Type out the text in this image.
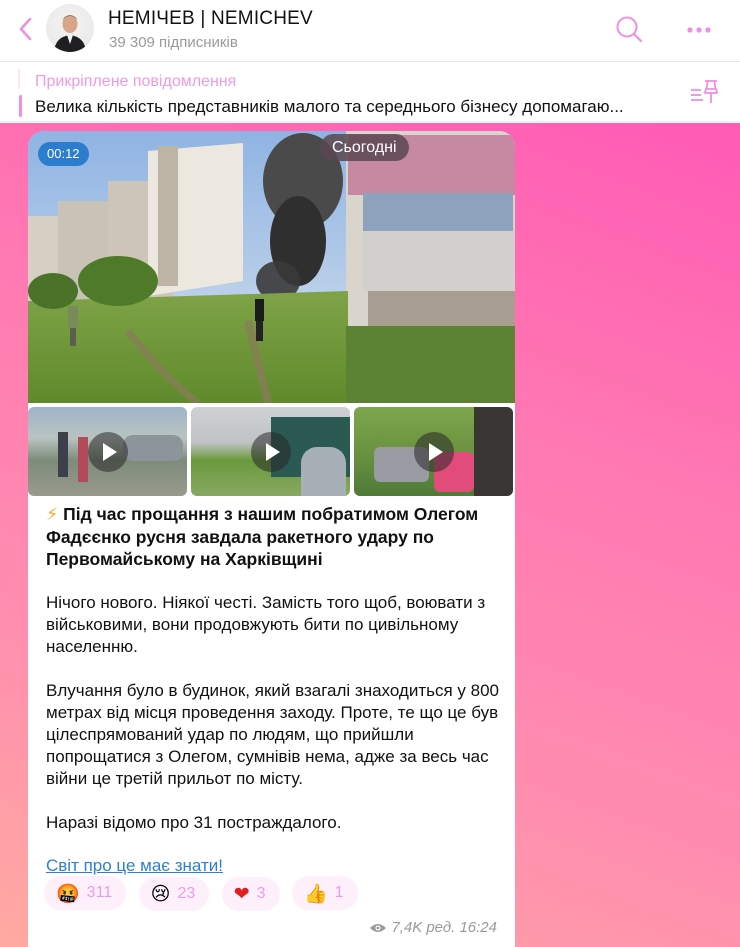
НЕМІЧЕВ | NEMICHEV
39 309 підписників
Прикріплене повідомлення
Велика кількість представників малого та середнього бізнесу допомагаю...
00:12	Сьогодні
⚡ Під час прощання з нашим побратимом Олегом Фадєєнко русня завдала ракетного удару по Первомайському на Харківщині
Нічого нового. Ніякої честі. Замість того щоб, воювати з військовими, вони продовжують бити по цивільному населенню.
Влучання було в будинок, який взагалі знаходиться у 800 метрах від місця проведення заходу. Проте, те що це був цілеспрямований удар по людям, що прийшли попрощатися з Олегом, сумнівів нема, адже за весь час війни це третій прильот по місту.
Наразі відомо про 31 постраждалого.
Світ про це має знати!
🤬 311
😢 23
❤ 3
👍 1
7,4K ред. 16:24
